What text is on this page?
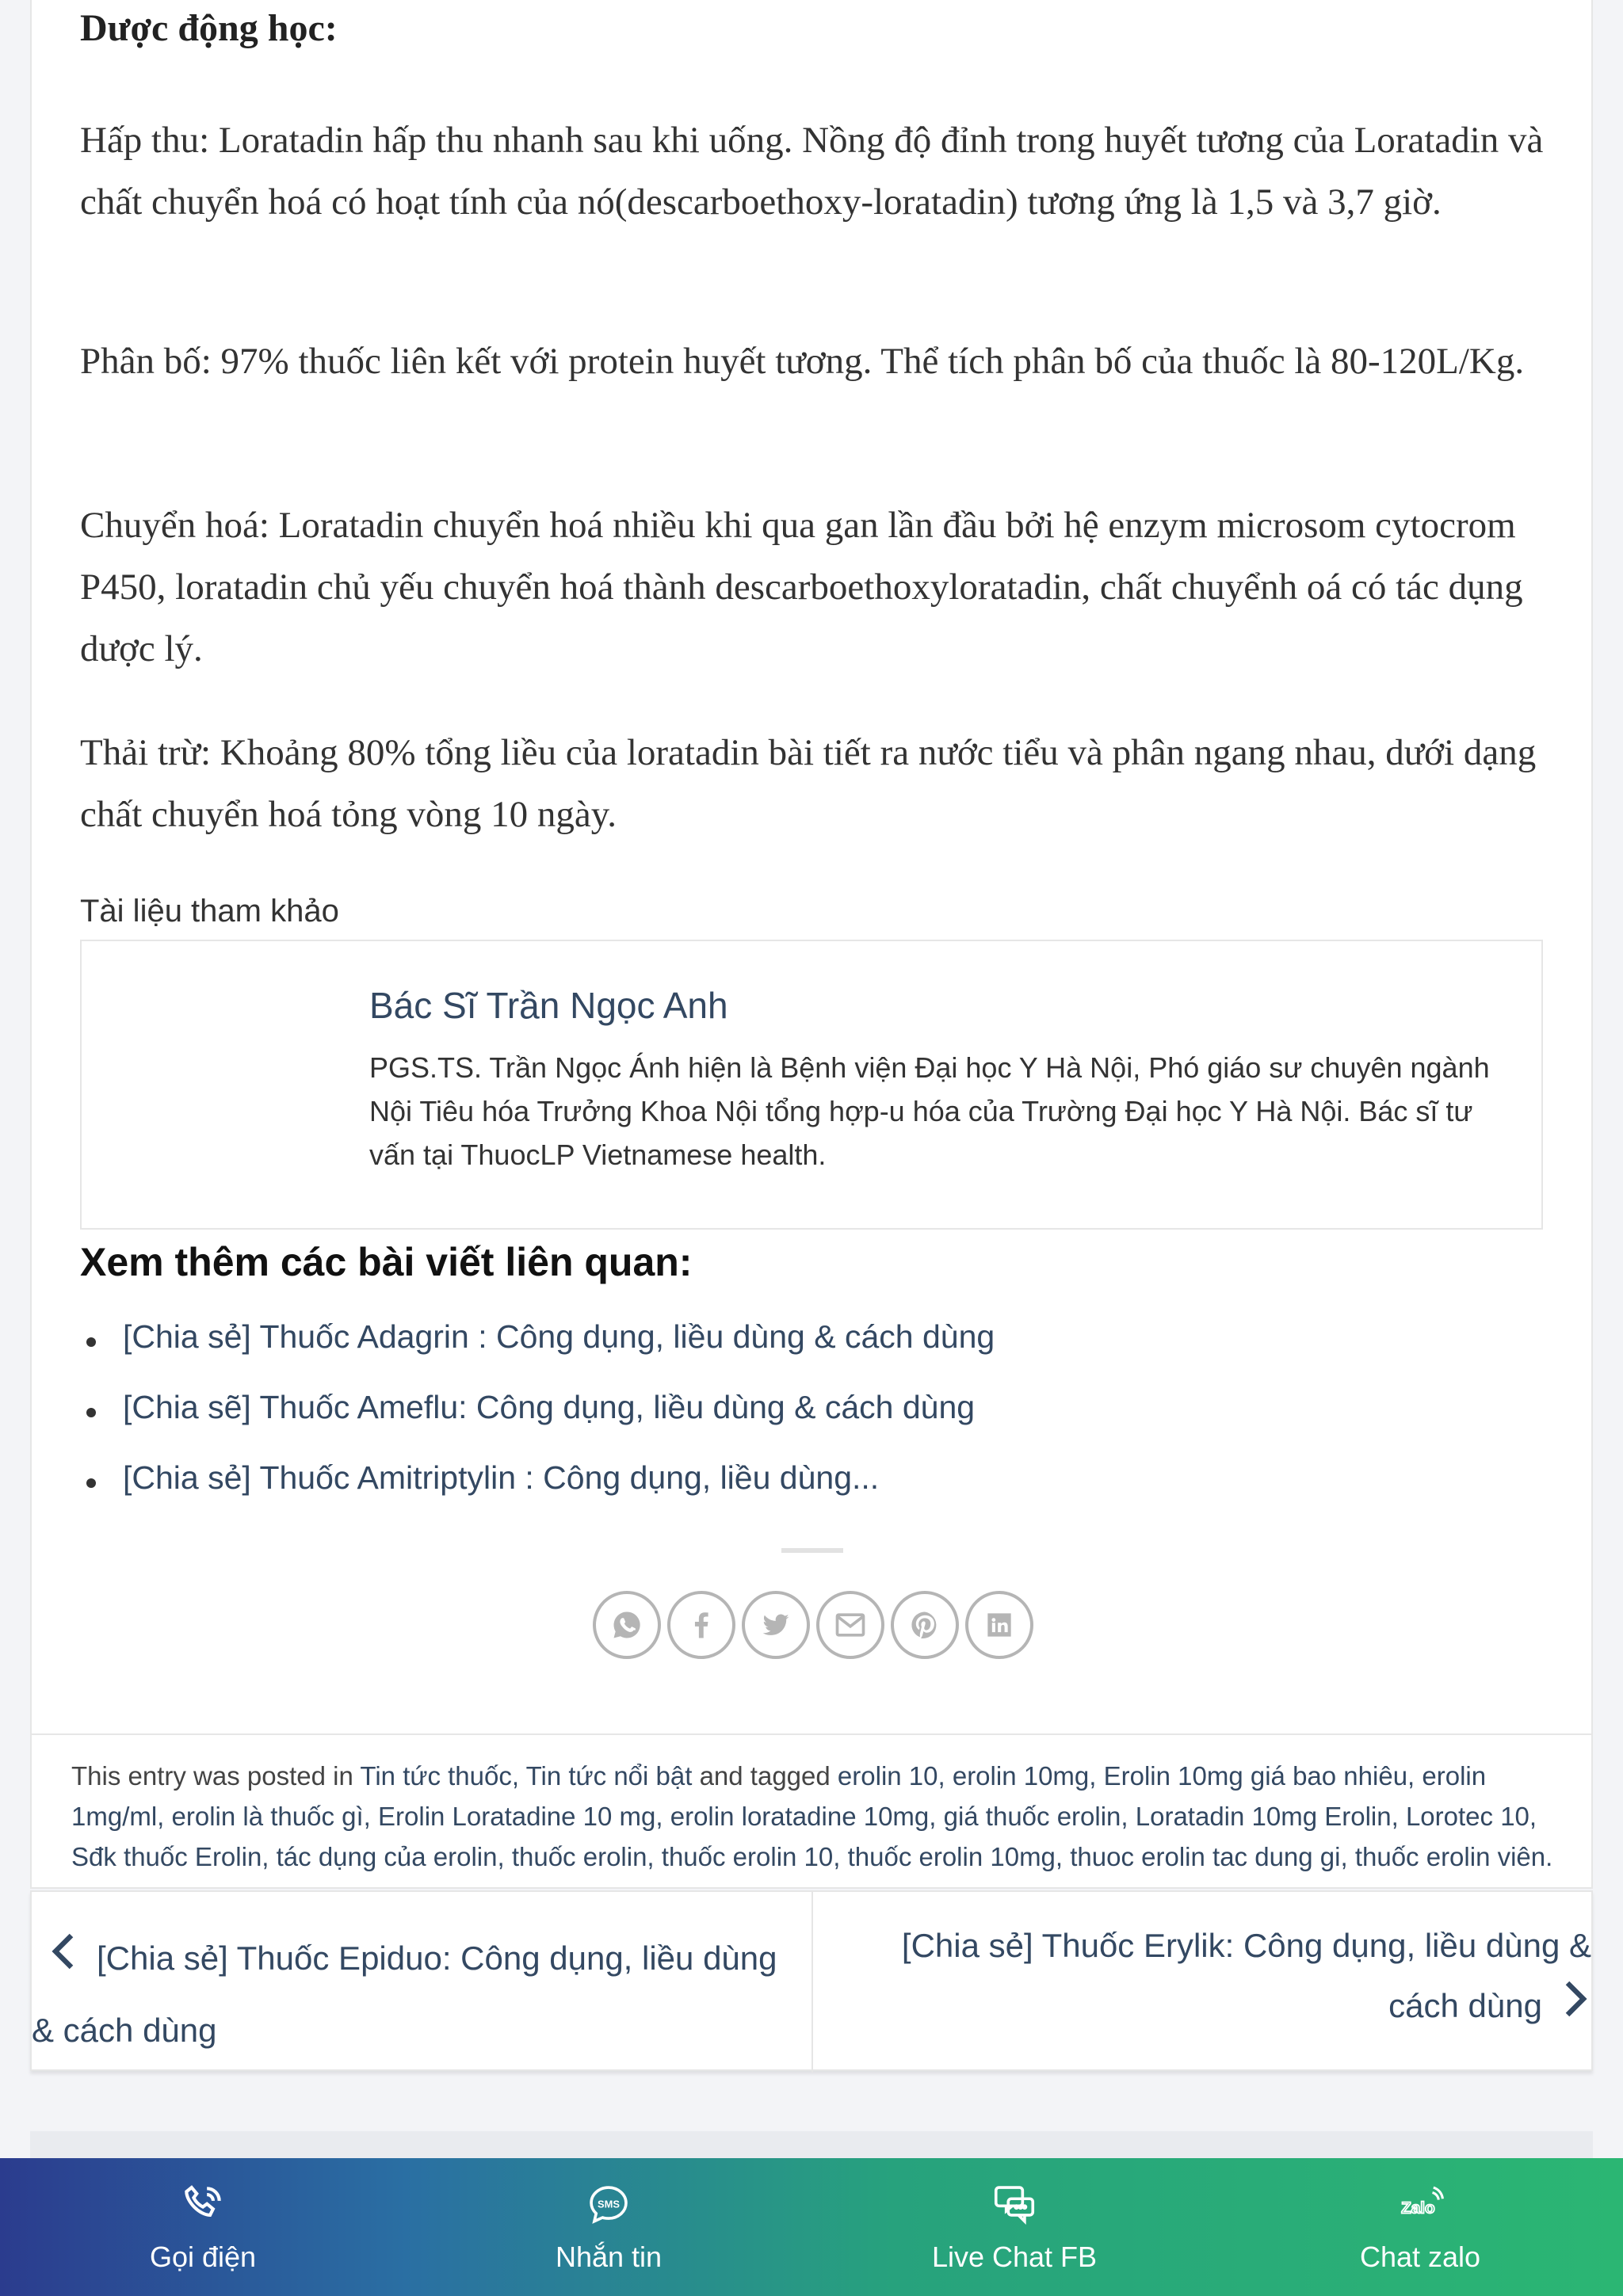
Dược động học:
Hấp thu: Loratadin hấp thu nhanh sau khi uống. Nồng độ đỉnh trong huyết tương của Loratadin và chất chuyển hoá có hoạt tính của nó(descarboethoxy-loratadin) tương ứng là 1,5 và 3,7 giờ.
Phân bố: 97% thuốc liên kết với protein huyết tương. Thể tích phân bố của thuốc là 80-120L/Kg.
Chuyển hoá: Loratadin chuyển hoá nhiều khi qua gan lần đầu bởi hệ enzym microsom cytocrom P450, loratadin chủ yếu chuyển hoá thành descarboethoxyloratadin, chất chuyểnh oá có tác dụng dược lý.
Thải trừ: Khoảng 80% tổng liều của loratadin bài tiết ra nước tiểu và phân ngang nhau, dưới dạng chất chuyển hoá tỏng vòng 10 ngày.
Tài liệu tham khảo
Bác Sĩ Trần Ngọc Anh
PGS.TS. Trần Ngọc Ánh hiện là Bệnh viện Đại học Y Hà Nội, Phó giáo sư chuyên ngành Nội Tiêu hóa Trưởng Khoa Nội tổng hợp-u hóa của Trường Đại học Y Hà Nội. Bác sĩ tư vấn tại ThuocLP Vietnamese health.
Xem thêm các bài viết liên quan:
[Chia sẻ] Thuốc Adagrin : Công dụng, liều dùng & cách dùng
[Chia sẽ] Thuốc Ameflu: Công dụng, liều dùng & cách dùng
[Chia sẻ] Thuốc Amitriptylin : Công dụng, liều dùng...
This entry was posted in Tin tức thuốc, Tin tức nổi bật and tagged erolin 10, erolin 10mg, Erolin 10mg giá bao nhiêu, erolin 1mg/ml, erolin là thuốc gì, Erolin Loratadine 10 mg, erolin loratadine 10mg, giá thuốc erolin, Loratadin 10mg Erolin, Lorotec 10, Sđk thuốc Erolin, tác dụng của erolin, thuốc erolin, thuốc erolin 10, thuốc erolin 10mg, thuoc erolin tac dung gi, thuốc erolin viên.
[Chia sẻ] Thuốc Epiduo: Công dụng, liều dùng & cách dùng
[Chia sẻ] Thuốc Erylik: Công dụng, liều dùng & cách dùng
Gọi điện
SMS
Nhắn tin	Live Chat FB
Zalo
Chat zalo
